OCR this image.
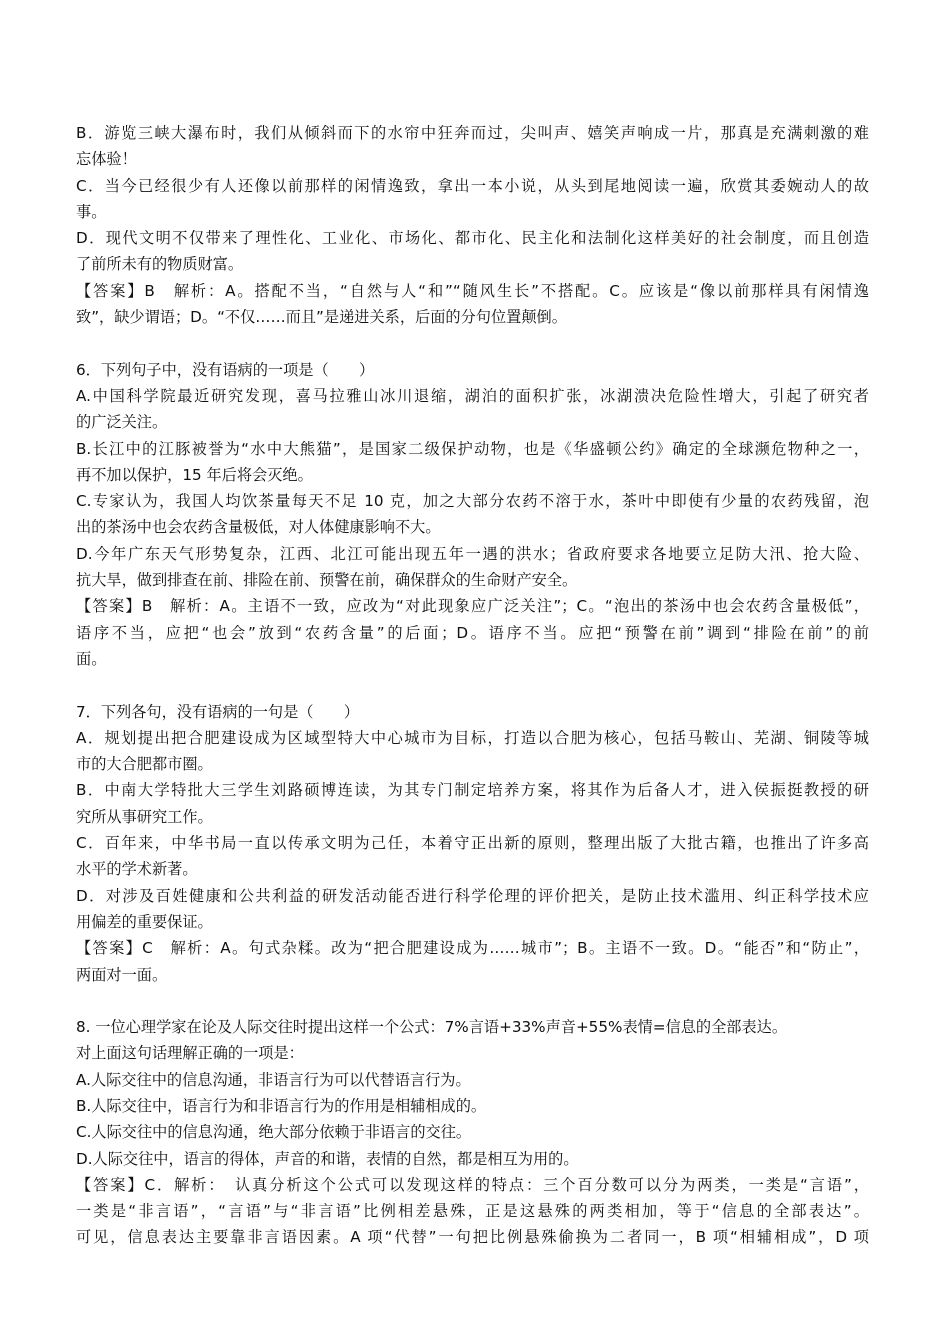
B．游览三峡大瀑布时，我们从倾斜而下的水帘中狂奔而过，尖叫声、嬉笑声响成一片，那真是充满刺激的难
忘体验！
C．当今已经很少有人还像以前那样的闲情逸致，拿出一本小说，从头到尾地阅读一遍，欣赏其委婉动人的故
事。
D．现代文明不仅带来了理性化、工业化、市场化、都市化、民主化和法制化这样美好的社会制度，而且创造
了前所未有的物质财富。
【答案】B　解析：A。搭配不当，“自然与人“和”“随风生长”不搭配。C。应该是“像以前那样具有闲情逸
致”，缺少谓语；D。“不仅……而且”是递进关系，后面的分句位置颠倒。
6．下列句子中，没有语病的一项是（　　）
A.中国科学院最近研究发现，喜马拉雅山冰川退缩，湖泊的面积扩张，冰湖溃决危险性增大，引起了研究者
的广泛关注。
B.长江中的江豚被誉为“水中大熊猫”，是国家二级保护动物，也是《华盛顿公约》确定的全球濒危物种之一，
再不加以保护，15 年后将会灭绝。
C.专家认为，我国人均饮茶量每天不足 10 克，加之大部分农药不溶于水，茶叶中即使有少量的农药残留，泡
出的茶汤中也会农药含量极低，对人体健康影响不大。
D.今年广东天气形势复杂，江西、北江可能出现五年一遇的洪水；省政府要求各地要立足防大汛、抢大险、
抗大旱，做到排查在前、排险在前、预警在前，确保群众的生命财产安全。
【答案】B　解析：A。主语不一致，应改为“对此现象应广泛关注”；C。“泡出的茶汤中也会农药含量极低”，
语序不当，应把“也会”放到“农药含量”的后面；D。语序不当。应把“预警在前”调到“排险在前”的前
面。
7．下列各句，没有语病的一句是（　　）
A．规划提出把合肥建设成为区域型特大中心城市为目标，打造以合肥为核心，包括马鞍山、芜湖、铜陵等城
市的大合肥都市圈。
B．中南大学特批大三学生刘路硕博连读，为其专门制定培养方案，将其作为后备人才，进入侯振挺教授的研
究所从事研究工作。
C．百年来，中华书局一直以传承文明为己任，本着守正出新的原则，整理出版了大批古籍，也推出了许多高
水平的学术新著。
D．对涉及百姓健康和公共利益的研发活动能否进行科学伦理的评价把关，是防止技术滥用、纠正科学技术应
用偏差的重要保证。
【答案】C　解析：A。句式杂糅。改为“把合肥建设成为……城市”；B。主语不一致。D。“能否”和“防止”，
两面对一面。
8. 一位心理学家在论及人际交往时提出这样一个公式：7%言语+33%声音+55%表情=信息的全部表达。
对上面这句话理解正确的一项是：
A.人际交往中的信息沟通，非语言行为可以代替语言行为。
B.人际交往中，语言行为和非语言行为的作用是相辅相成的。
C.人际交往中的信息沟通，绝大部分依赖于非语言的交往。
D.人际交往中，语言的得体，声音的和谐，表情的自然，都是相互为用的。
【答案】C．解析：　认真分析这个公式可以发现这样的特点：三个百分数可以分为两类，一类是“言语”，
一类是“非言语”，“言语”与“非言语”比例相差悬殊，正是这悬殊的两类相加，等于“信息的全部表达”。
可见，信息表达主要靠非言语因素。A 项“代替”一句把比例悬殊偷换为二者同一，B 项“相辅相成”，D 项
